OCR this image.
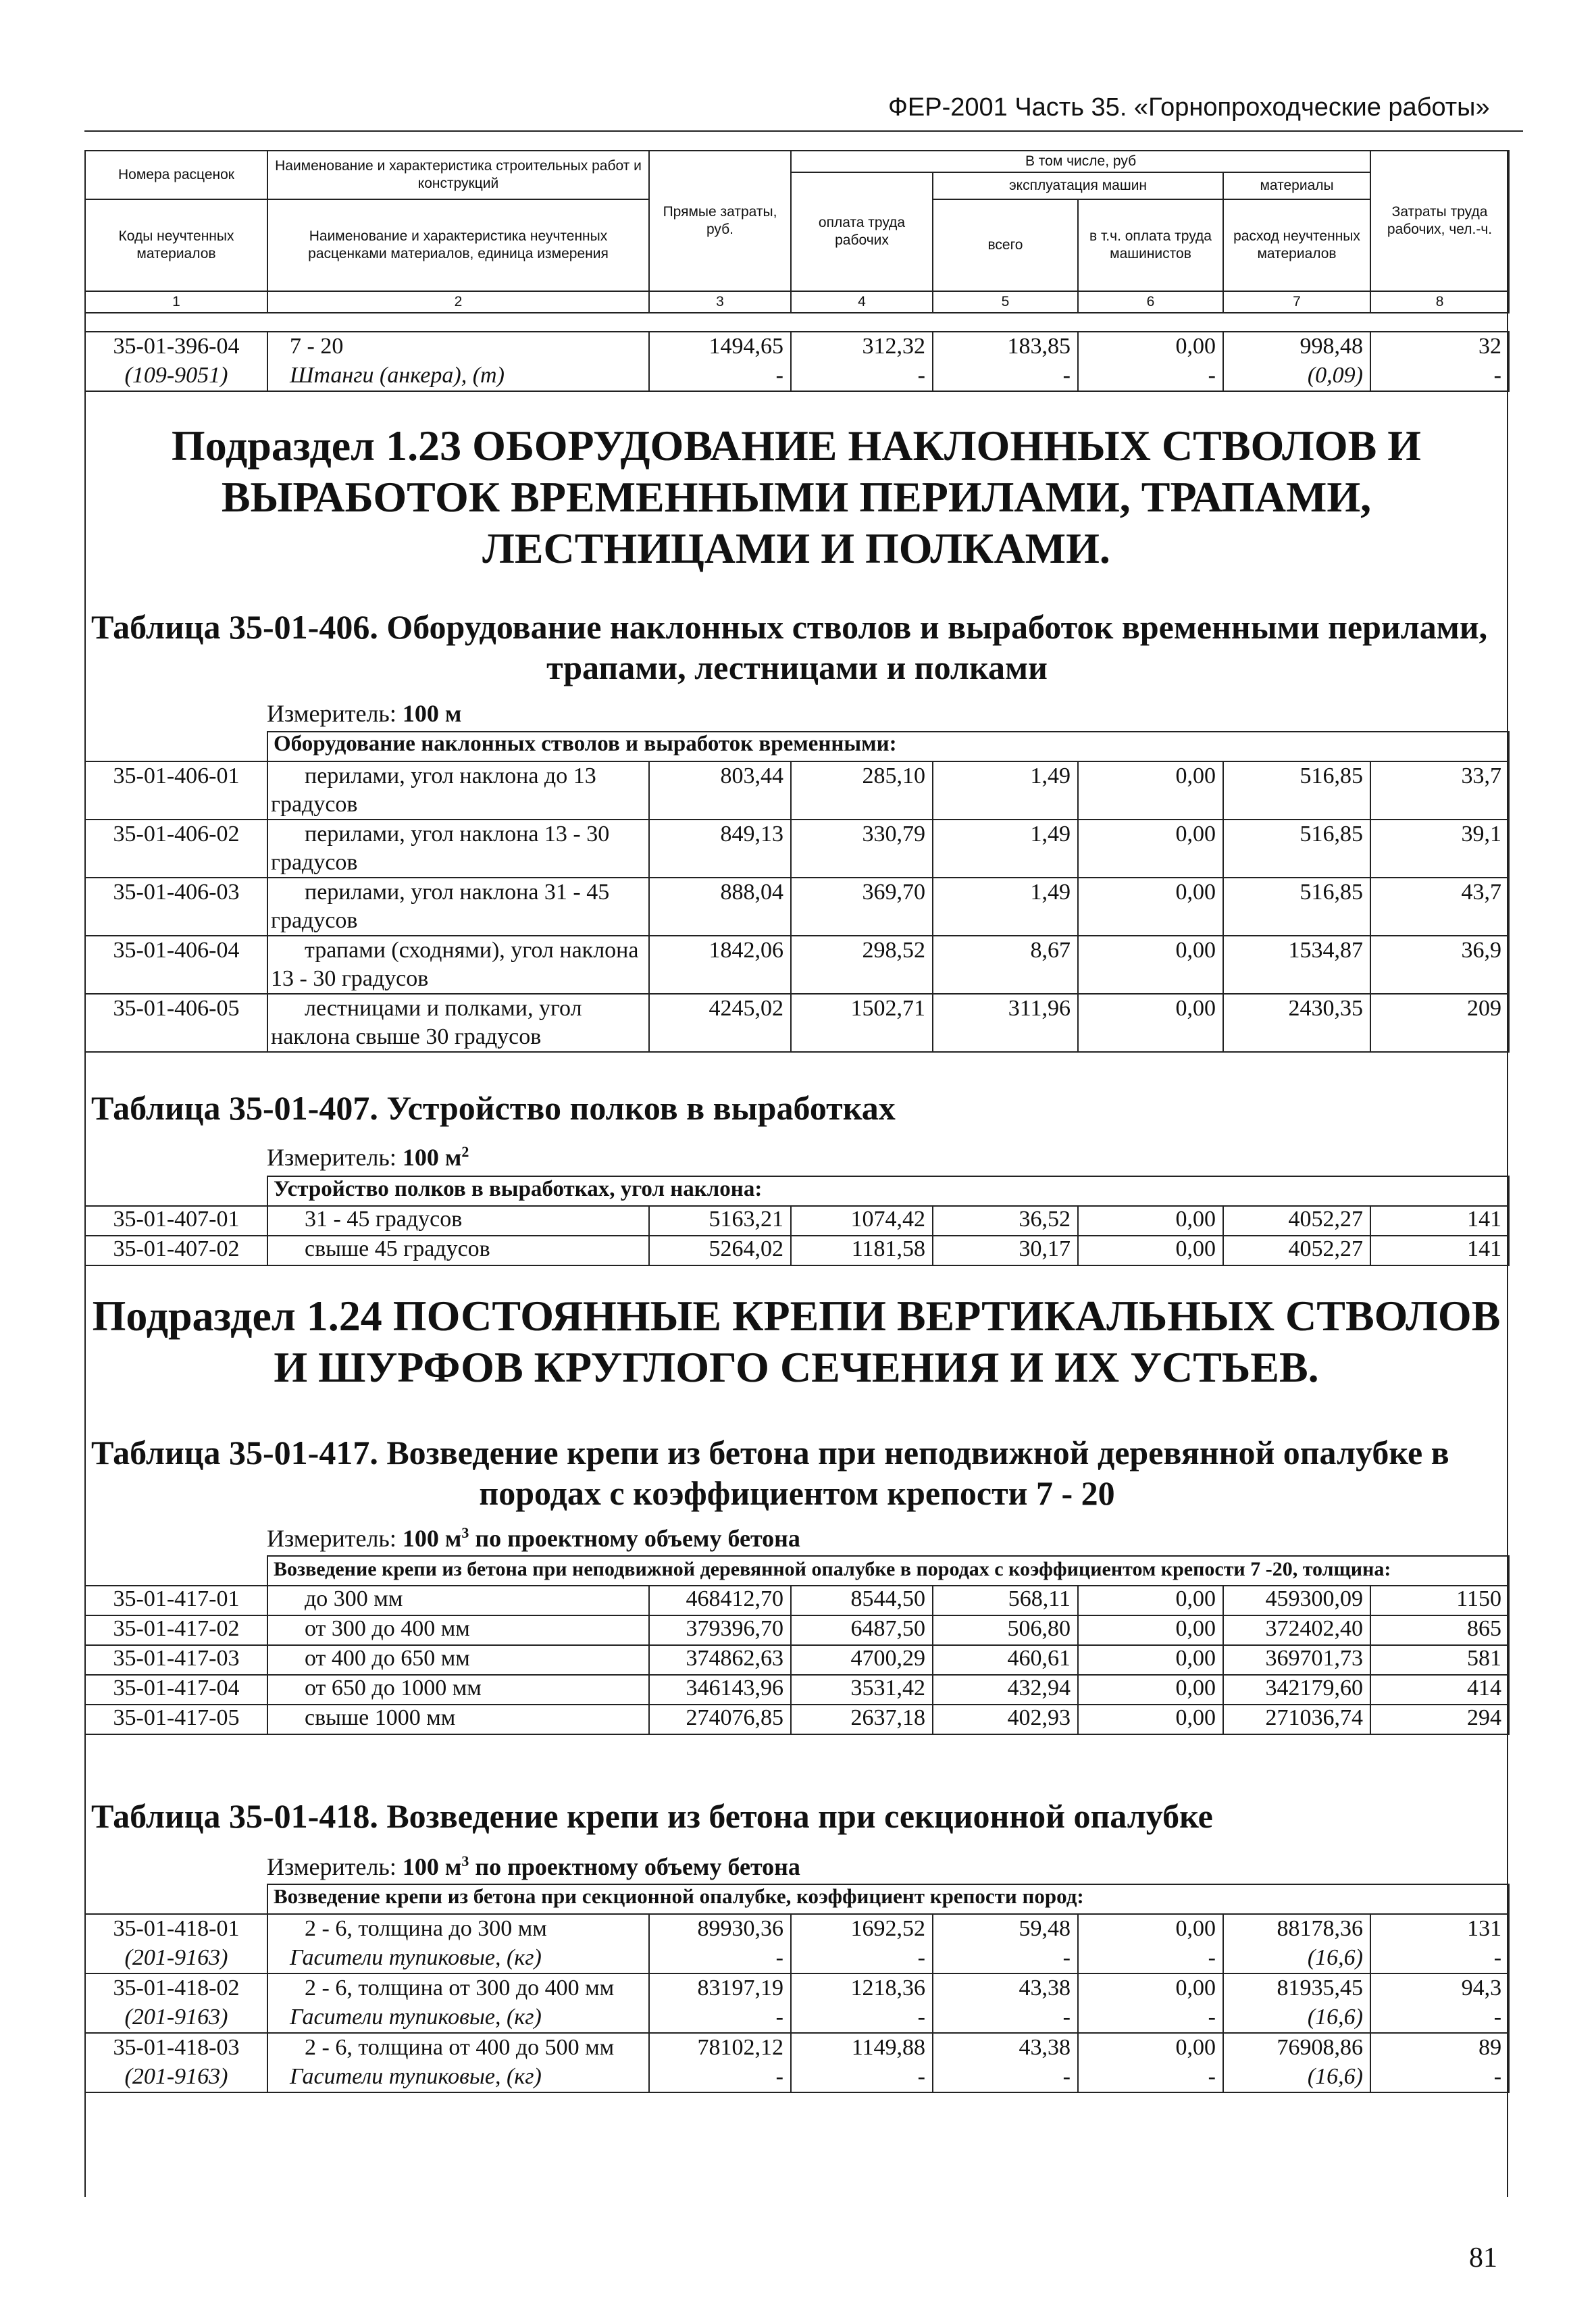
ФЕР-2001 Часть 35. «Горнопроходческие работы»
Номера расценок	Наименование и характеристика строительных работ и конструкций	Прямые затраты, руб.	В том числе, руб				Затраты труда рабочих, чел.-ч.
			оплата труда рабочих	эксплуатация машин		материалы	
Коды неучтенных материалов	Наименование и характеристика неучтенных расценками материалов, единица измерения			всего	в т.ч. оплата труда машинистов	расход неучтенных материалов	

1	2	3	4	5	6	7	8
35-01-396-04	7 - 20	1494,65	312,32	183,85	0,00	998,48	32
(109-9051)	Штанги (анкера), (т)	-	-	-	-	(0,09)	-
Подраздел 1.23 ОБОРУДОВАНИЕ НАКЛОННЫХ СТВОЛОВ И ВЫРАБОТОК ВРЕМЕННЫМИ ПЕРИЛАМИ, ТРАПАМИ, ЛЕСТНИЦАМИ И ПОЛКАМИ.
Таблица 35-01-406. Оборудование наклонных стволов и выработок временными перилами,
трапами, лестницами и полками
Измеритель: 100 м
	Оборудование наклонных стволов и выработок временными:						
35-01-406-01	перилами, угол наклона до 13 градусов	803,44	285,10	1,49	0,00	516,85	33,7
35-01-406-02	перилами, угол наклона 13 - 30 градусов	849,13	330,79	1,49	0,00	516,85	39,1
35-01-406-03	перилами, угол наклона 31 - 45 градусов	888,04	369,70	1,49	0,00	516,85	43,7
35-01-406-04	трапами (сходнями), угол наклона 13 - 30 градусов	1842,06	298,52	8,67	0,00	1534,87	36,9
35-01-406-05	лестницами и полками, угол наклона свыше 30 градусов	4245,02	1502,71	311,96	0,00	2430,35	209
Таблица 35-01-407. Устройство полков в выработках
Измеритель: 100 $м^2$
	Устройство полков в выработках, угол наклона:						
35-01-407-01	31 - 45 градусов	5163,21	1074,42	36,52	0,00	4052,27	141
35-01-407-02	свыше 45 градусов	5264,02	1181,58	30,17	0,00	4052,27	141
Подраздел 1.24 ПОСТОЯННЫЕ КРЕПИ ВЕРТИКАЛЬНЫХ СТВОЛОВ И ШУРФОВ КРУГЛОГО СЕЧЕНИЯ И ИХ УСТЬЕВ.
Таблица 35-01-417. Возведение крепи из бетона при неподвижной деревянной опалубке в
породах с коэффициентом крепости 7 - 20
Измеритель: 100 $м^3$ по проектному объему бетона
	Возведение крепи из бетона при неподвижной деревянной опалубке в породах с коэффициентом крепости 7 -20, толщина:						
35-01-417-01	до 300 мм	468412,70	8544,50	568,11	0,00	459300,09	1150
35-01-417-02	от 300 до 400 мм	379396,70	6487,50	506,80	0,00	372402,40	865
35-01-417-03	от 400 до 650 мм	374862,63	4700,29	460,61	0,00	369701,73	581
35-01-417-04	от 650 до 1000 мм	346143,96	3531,42	432,94	0,00	342179,60	414
35-01-417-05	свыше 1000 мм	274076,85	2637,18	402,93	0,00	271036,74	294
Таблица 35-01-418. Возведение крепи из бетона при секционной опалубке
Измеритель: 100 $м^3$ по проектному объему бетона
	Возведение крепи из бетона при секционной опалубке, коэффициент крепости пород:						
35-01-418-01	2 - 6, толщина до 300 мм	89930,36	1692,52	59,48	0,00	88178,36	131
(201-9163)	Гасители тупиковые, (кг)	-	-	-	-	(16,6)	-
35-01-418-02	2 - 6, толщина от 300 до 400 мм	83197,19	1218,36	43,38	0,00	81935,45	94,3
(201-9163)	Гасители тупиковые, (кг)	-	-	-	-	(16,6)	-
35-01-418-03	2 - 6, толщина от 400 до 500 мм	78102,12	1149,88	43,38	0,00	76908,86	89
(201-9163)	Гасители тупиковые, (кг)	-	-	-	-	(16,6)	-
81
